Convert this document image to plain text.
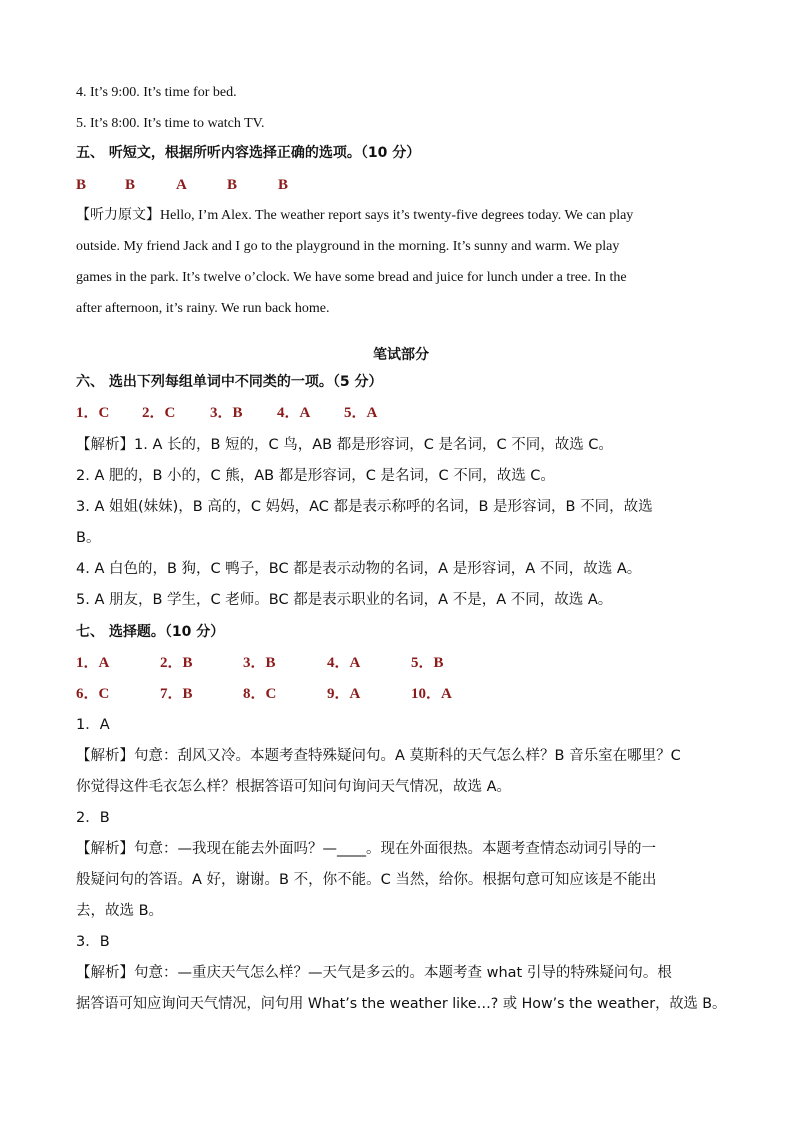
4. It’s 9:00. It’s time for bed.
5. It’s 8:00. It’s time to watch TV.
五、 听短文，根据所听内容选择正确的选项。（10 分）
B	B	A	B	B
【听力原文】Hello, I’m Alex. The weather report says it’s twenty-five degrees today. We can play
outside. My friend Jack and I go to the playground in the morning. It’s sunny and warm. We play
games in the park. It’s twelve o’clock. We have some bread and juice for lunch under a tree. In the
after afternoon, it’s rainy. We run back home.
笔试部分
六、 选出下列每组单词中不同类的一项。（5 分）
1．C 2．C 3．B 4．A 5．A
【解析】1. A 长的，B 短的，C 鸟，AB 都是形容词，C 是名词，C 不同，故选 C。
2. A 肥的，B 小的，C 熊，AB 都是形容词，C 是名词，C 不同，故选 C。
3. A 姐姐(妹妹)，B 高的，C 妈妈，AC 都是表示称呼的名词，B 是形容词，B 不同，故选
B。
4. A 白色的，B 狗，C 鸭子，BC 都是表示动物的名词，A 是形容词，A 不同，故选 A。
5. A 朋友，B 学生，C 老师。BC 都是表示职业的名词，A 不是，A 不同，故选 A。
七、 选择题。（10 分）
1．A	2．B	3．B	4．A	5．B
6．C	7．B	8．C	9．A	10．A
1．A
【解析】句意：刮风又冷。本题考查特殊疑问句。A 莫斯科的天气怎么样？B 音乐室在哪里？C
你觉得这件毛衣怎么样？根据答语可知问句询问天气情况，故选 A。
2．B
【解析】句意：—我现在能去外面吗？—____。现在外面很热。本题考查情态动词引导的一
般疑问句的答语。A 好，谢谢。B 不，你不能。C 当然，给你。根据句意可知应该是不能出
去，故选 B。
3．B
【解析】句意：—重庆天气怎么样？—天气是多云的。本题考查 what 引导的特殊疑问句。根
据答语可知应询问天气情况，问句用 What’s the weather like…? 或 How’s the weather，故选 B。
